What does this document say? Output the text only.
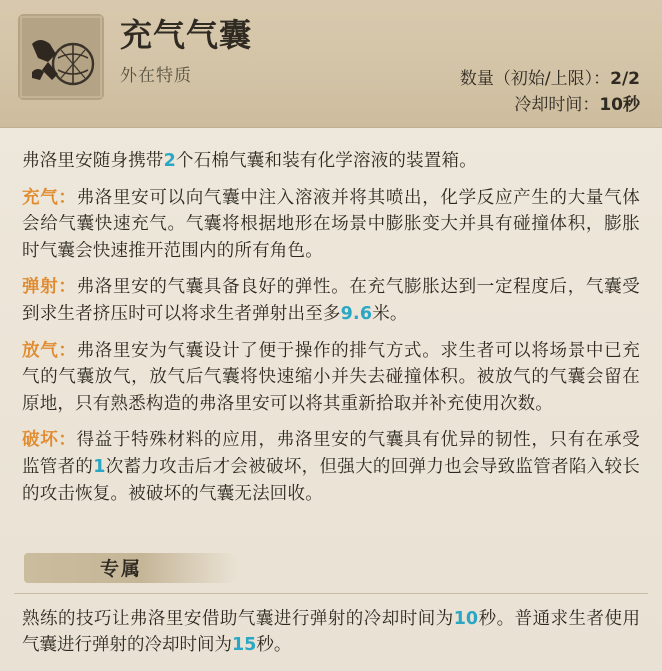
充气气囊
外在特质	数量（初始/上限）：2/2
冷却时间：10秒

弗洛里安随身携带2个石棉气囊和装有化学溶液的装置箱。

充气：弗洛里安可以向气囊中注入溶液并将其喷出，化学反应产生的大量气体会给气囊快速充气。气囊将根据地形在场景中膨胀变大并具有碰撞体积，膨胀时气囊会快速推开范围内的所有角色。

弹射：弗洛里安的气囊具备良好的弹性。在充气膨胀达到一定程度后，气囊受到求生者挤压时可以将求生者弹射出至多9.6米。

放气：弗洛里安为气囊设计了便于操作的排气方式。求生者可以将场景中已充气的气囊放气，放气后气囊将快速缩小并失去碰撞体积。被放气的气囊会留在原地，只有熟悉构造的弗洛里安可以将其重新拾取并补充使用次数。

破坏：得益于特殊材料的应用，弗洛里安的气囊具有优异的韧性，只有在承受监管者的1次蓄力攻击后才会被破坏，但强大的回弹力也会导致监管者陷入较长的攻击恢复。被破坏的气囊无法回收。

专属
熟练的技巧让弗洛里安借助气囊进行弹射的冷却时间为10秒。普通求生者使用气囊进行弹射的冷却时间为15秒。
